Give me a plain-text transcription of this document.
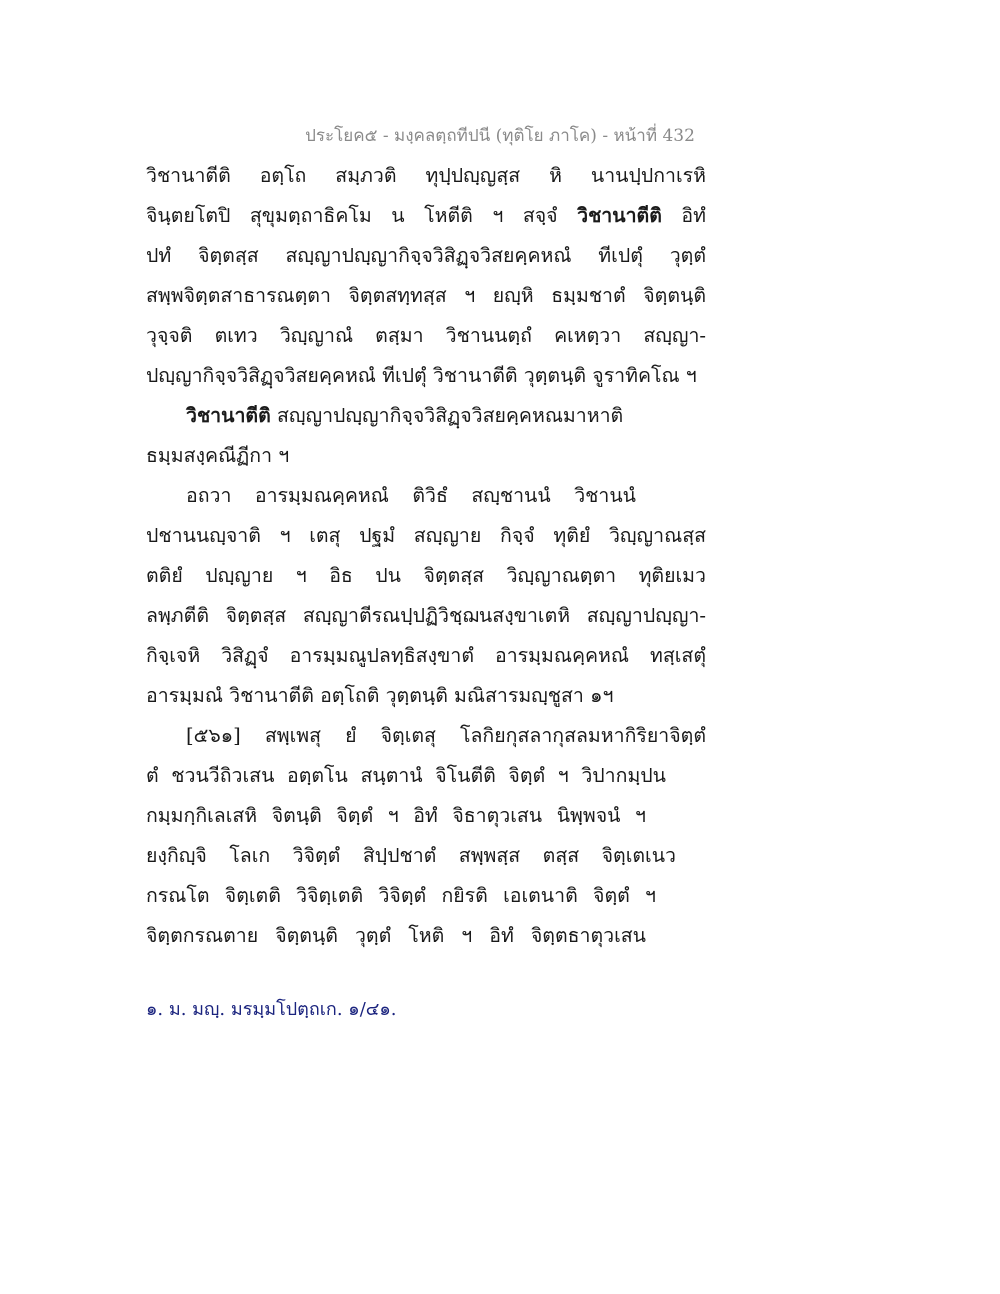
ประโยค๕ - มงฺคลตฺถทีปนี (ทุติโย ภาโค) - หน้าที่ 432
วิชานาตีติ อตฺโถ สมฺภวติ ทุปฺปญฺญสฺส หิ นานปฺปกาเรหิ
จินฺตยโตปิ สุขุมตฺถาธิคโม น โหตีติ ฯ สจฺจํ วิชานาตีติ อิทํ
ปทํ จิตฺตสฺส สญฺญาปญฺญากิจฺจวิสิฏฺจวิสยคฺคหณํ ทีเปตุํ วุตฺตํ
สพฺพจิตฺตสาธารณตฺตา จิตฺตสทฺทสฺส ฯ ยญฺหิ ธมฺมชาตํ จิตฺตนฺติ
วุจฺจติ ตเทว วิญฺญาณํ ตสฺมา วิชานนตฺถํ คเหตฺวา สญฺญา-
ปญฺญากิจฺจวิสิฏฺจวิสยคฺคหณํ ทีเปตุํ วิชานาตีติ วุตฺตนฺติ จูราทิคโณ ฯ
วิชานาตีติ สญฺญาปญฺญากิจฺจวิสิฏฺจวิสยคฺคหณมาหาติ
ธมฺมสงฺคณีฏีกา ฯ
อถวา อารมฺมณคฺคหณํ ติวิธํ สญฺชานนํ วิชานนํ
ปชานนญฺจาติ ฯ เตสุ ปฐมํ สญฺญาย กิจฺจํ ทุติยํ วิญฺญาณสฺส
ตติยํ ปญฺญาย ฯ อิธ ปน จิตฺตสฺส วิญฺญาณตฺตา ทุติยเมว
ลพฺภตีติ จิตฺตสฺส สญฺญาตีรณปฺปฏิวิชฺฌนสงฺขาเตหิ สญฺญาปญฺญา-
กิจฺเจหิ วิสิฏฺจํ อารมฺมณูปลทฺธิสงฺขาตํ อารมฺมณคฺคหณํ ทสฺเสตุํ
อารมฺมณํ วิชานาตีติ อตฺโถติ วุตฺตนฺติ มณิสารมญฺชูสา ๑ฯ
[๕๖๑] สพฺเพสุ ยํ จิตฺเตสุ โลกิยกุสลากุสลมหากิริยาจิตฺตํ
ตํ ชวนวีถิวเสน อตฺตโน สนฺตานํ จิโนตีติ จิตฺตํ ฯ วิปากมฺปน
กมฺมกฺกิเลเสหิ จิตนฺติ จิตฺตํ ฯ อิทํ จิธาตุวเสน นิพฺพจนํ ฯ
ยงฺกิญฺจิ โลเก วิจิตฺตํ สิปฺปชาตํ สพฺพสฺส ตสฺส จิตฺเตเนว
กรณโต จิตฺเตติ วิจิตฺเตติ วิจิตฺตํ กยิรติ เอเตนาติ จิตฺตํ ฯ
จิตฺตกรณตาย จิตฺตนฺติ วุตฺตํ โหติ ฯ อิทํ จิตฺตธาตุวเสน
๑. ม. มญฺ. มรมฺมโปตฺถเก. ๑/๔๑.
